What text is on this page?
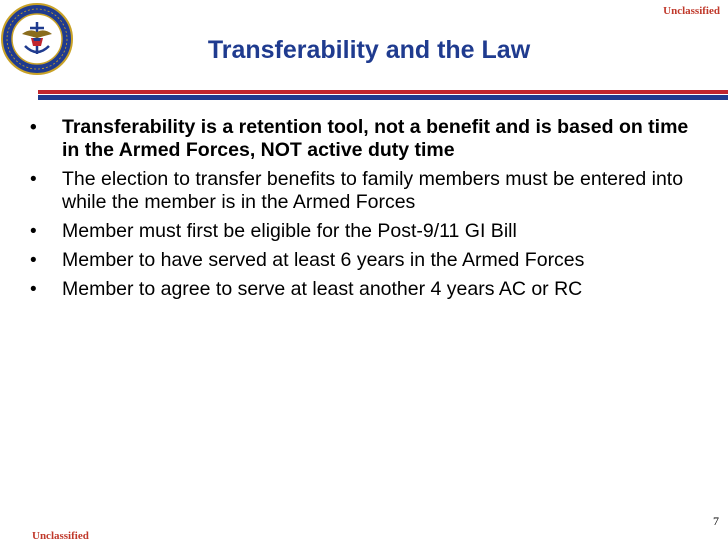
Unclassified
Transferability and the Law
• Transferability is a retention tool, not a benefit and is based on time in the Armed Forces, NOT active duty time
• The election to transfer benefits to family members must be entered into while the member is in the Armed Forces
• Member must first be eligible for the Post-9/11 GI Bill
• Member to have served at least 6 years in the Armed Forces
• Member to agree to serve at least another 4 years AC or RC
7
Unclassified
